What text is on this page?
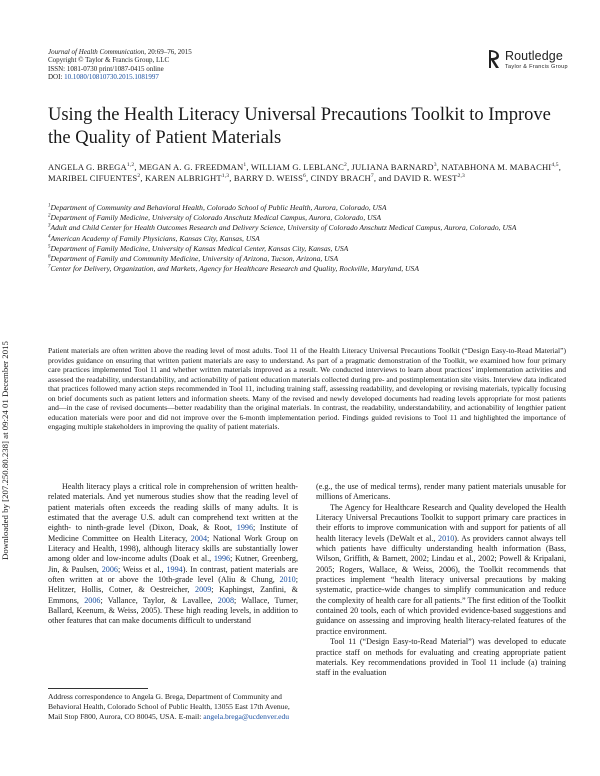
Downloaded by [207.250.80.238] at 09:24 01 December 2015
Journal of Health Communication, 20:69–76, 2015
Copyright © Taylor & Francis Group, LLC
ISSN: 1081-0730 print/1087-0415 online
DOI: 10.1080/10810730.2015.1081997
Routledge
Taylor & Francis Group
Using the Health Literacy Universal Precautions Toolkit to Improve the Quality of Patient Materials
ANGELA G. BREGA$^{1,2}$, MEGAN A. G. FREEDMAN$^1$, WILLIAM G. LEBLANC$^2$, JULIANA BARNARD$^3$, NATABHONA M. MABACHI$^{4,5}$, MARIBEL CIFUENTES$^2$, KAREN ALBRIGHT$^{1,3}$, BARRY D. WEISS$^6$, CINDY BRACH$^7$, and DAVID R. WEST$^{2,3}$
$^1$Department of Community and Behavioral Health, Colorado School of Public Health, Aurora, Colorado, USA
$^2$Department of Family Medicine, University of Colorado Anschutz Medical Campus, Aurora, Colorado, USA
$^3$Adult and Child Center for Health Outcomes Research and Delivery Science, University of Colorado Anschutz Medical Campus, Aurora, Colorado, USA
$^4$American Academy of Family Physicians, Kansas City, Kansas, USA
$^5$Department of Family Medicine, University of Kansas Medical Center, Kansas City, Kansas, USA
$^6$Department of Family and Community Medicine, University of Arizona, Tucson, Arizona, USA
$^7$Center for Delivery, Organization, and Markets, Agency for Healthcare Research and Quality, Rockville, Maryland, USA

Patient materials are often written above the reading level of most adults. Tool 11 of the Health Literacy Universal Precautions Toolkit (“Design Easy-to-Read Material”) provides guidance on ensuring that written patient materials are easy to understand. As part of a pragmatic demonstration of the Toolkit, we examined how four primary care practices implemented Tool 11 and whether written materials improved as a result. We conducted interviews to learn about practices’ implementation activities and assessed the readability, understandability, and actionability of patient education materials collected during pre- and postimplementation site visits. Interview data indicated that practices followed many action steps recommended in Tool 11, including training staff, assessing readability, and developing or revising materials, typically focusing on brief documents such as patient letters and information sheets. Many of the revised and newly developed documents had reading levels appropriate for most patients and—in the case of revised documents—better readability than the original materials. In contrast, the readability, understandability, and actionability of lengthier patient education materials were poor and did not improve over the 6-month implementation period. Findings guided revisions to Tool 11 and highlighted the importance of engaging multiple stakeholders in improving the quality of patient materials.

Health literacy plays a critical role in comprehension of written health-related materials. And yet numerous studies show that the reading level of patient materials often exceeds the reading skills of many adults. It is estimated that the average U.S. adult can comprehend text written at the eighth- to ninth-grade level (Dixon, Doak, & Root, 1996; Institute of Medicine Committee on Health Literacy, 2004; National Work Group on Literacy and Health, 1998), although literacy skills are substantially lower among older and low-income adults (Doak et al., 1996; Kutner, Greenberg, Jin, & Paulsen, 2006; Weiss et al., 1994). In contrast, patient materials are often written at or above the 10th-grade level (Aliu & Chung, 2010; Helitzer, Hollis, Cotner, & Oestreicher, 2009; Kaphingst, Zanfini, & Emmons, 2006; Vallance, Taylor, & Lavallee, 2008; Wallace, Turner, Ballard, Keenum, & Weiss, 2005). These high reading levels, in addition to other features that can make documents difficult to understand

(e.g., the use of medical terms), render many patient materials unusable for millions of Americans.

The Agency for Healthcare Research and Quality developed the Health Literacy Universal Precautions Toolkit to support primary care practices in their efforts to improve communication with and support for patients of all health literacy levels (DeWalt et al., 2010). As providers cannot always tell which patients have difficulty understanding health information (Bass, Wilson, Griffith, & Barnett, 2002; Lindau et al., 2002; Powell & Kripalani, 2005; Rogers, Wallace, & Weiss, 2006), the Toolkit recommends that practices implement “health literacy universal precautions by making systematic, practice-wide changes to simplify communication and reduce the complexity of health care for all patients.” The first edition of the Toolkit contained 20 tools, each of which provided evidence-based suggestions and guidance on assessing and improving health literacy-related features of the practice environment.

Tool 11 (“Design Easy-to-Read Material”) was developed to educate practice staff on methods for evaluating and creating appropriate patient materials. Key recommendations provided in Tool 11 include (a) training staff in the evaluation

Address correspondence to Angela G. Brega, Department of Community and Behavioral Health, Colorado School of Public Health, 13055 East 17th Avenue, Mail Stop F800, Aurora, CO 80045, USA. E-mail: angela.brega@ucdenver.edu
